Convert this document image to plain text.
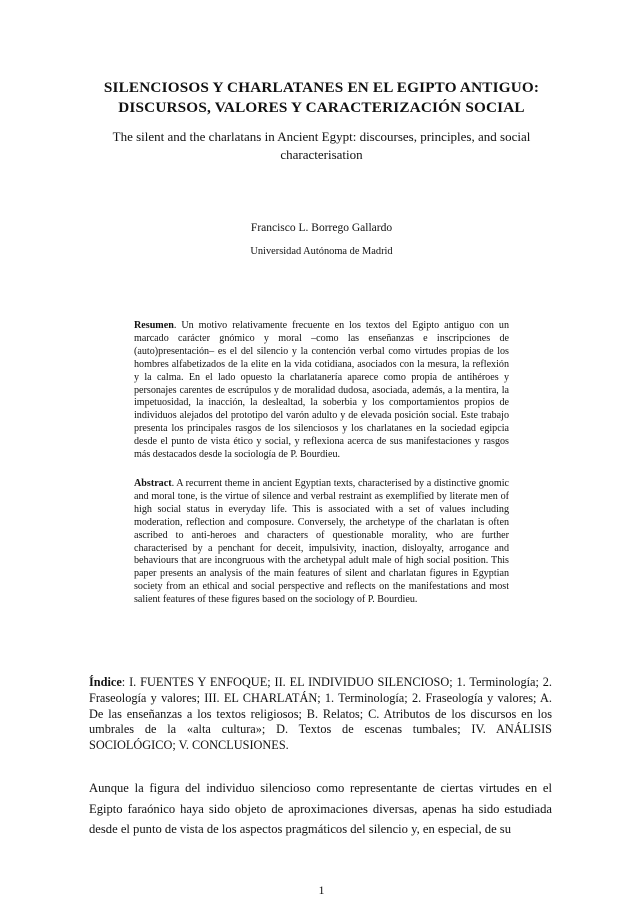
SILENCIOSOS Y CHARLATANES EN EL EGIPTO ANTIGUO: DISCURSOS, VALORES Y CARACTERIZACIÓN SOCIAL
The silent and the charlatans in Ancient Egypt: discourses, principles, and social characterisation
Francisco L. Borrego Gallardo
Universidad Autónoma de Madrid
Resumen. Un motivo relativamente frecuente en los textos del Egipto antiguo con un marcado carácter gnómico y moral –como las enseñanzas e inscripciones de (auto)presentación– es el del silencio y la contención verbal como virtudes propias de los hombres alfabetizados de la elite en la vida cotidiana, asociados con la mesura, la reflexión y la calma. En el lado opuesto la charlatanería aparece como propia de antihéroes y personajes carentes de escrúpulos y de moralidad dudosa, asociada, además, a la mentira, la impetuosidad, la inacción, la deslealtad, la soberbia y los comportamientos propios de individuos alejados del prototipo del varón adulto y de elevada posición social. Este trabajo presenta los principales rasgos de los silenciosos y los charlatanes en la sociedad egipcia desde el punto de vista ético y social, y reflexiona acerca de sus manifestaciones y rasgos más destacados desde la sociología de P. Bourdieu.
Abstract. A recurrent theme in ancient Egyptian texts, characterised by a distinctive gnomic and moral tone, is the virtue of silence and verbal restraint as exemplified by literate men of high social status in everyday life. This is associated with a set of values including moderation, reflection and composure. Conversely, the archetype of the charlatan is often ascribed to anti-heroes and characters of questionable morality, who are further characterised by a penchant for deceit, impulsivity, inaction, disloyalty, arrogance and behaviours that are incongruous with the archetypal adult male of high social position. This paper presents an analysis of the main features of silent and charlatan figures in Egyptian society from an ethical and social perspective and reflects on the manifestations and most salient features of these figures based on the sociology of P. Bourdieu.
Índice: I. FUENTES Y ENFOQUE; II. EL INDIVIDUO SILENCIOSO; 1. Terminología; 2. Fraseología y valores; III. EL CHARLATÁN; 1. Terminología; 2. Fraseología y valores; A. De las enseñanzas a los textos religiosos; B. Relatos; C. Atributos de los discursos en los umbrales de la «alta cultura»; D. Textos de escenas tumbales; IV. ANÁLISIS SOCIOLÓGICO; V. CONCLUSIONES.
Aunque la figura del individuo silencioso como representante de ciertas virtudes en el Egipto faraónico haya sido objeto de aproximaciones diversas, apenas ha sido estudiada desde el punto de vista de los aspectos pragmáticos del silencio y, en especial, de su
1
